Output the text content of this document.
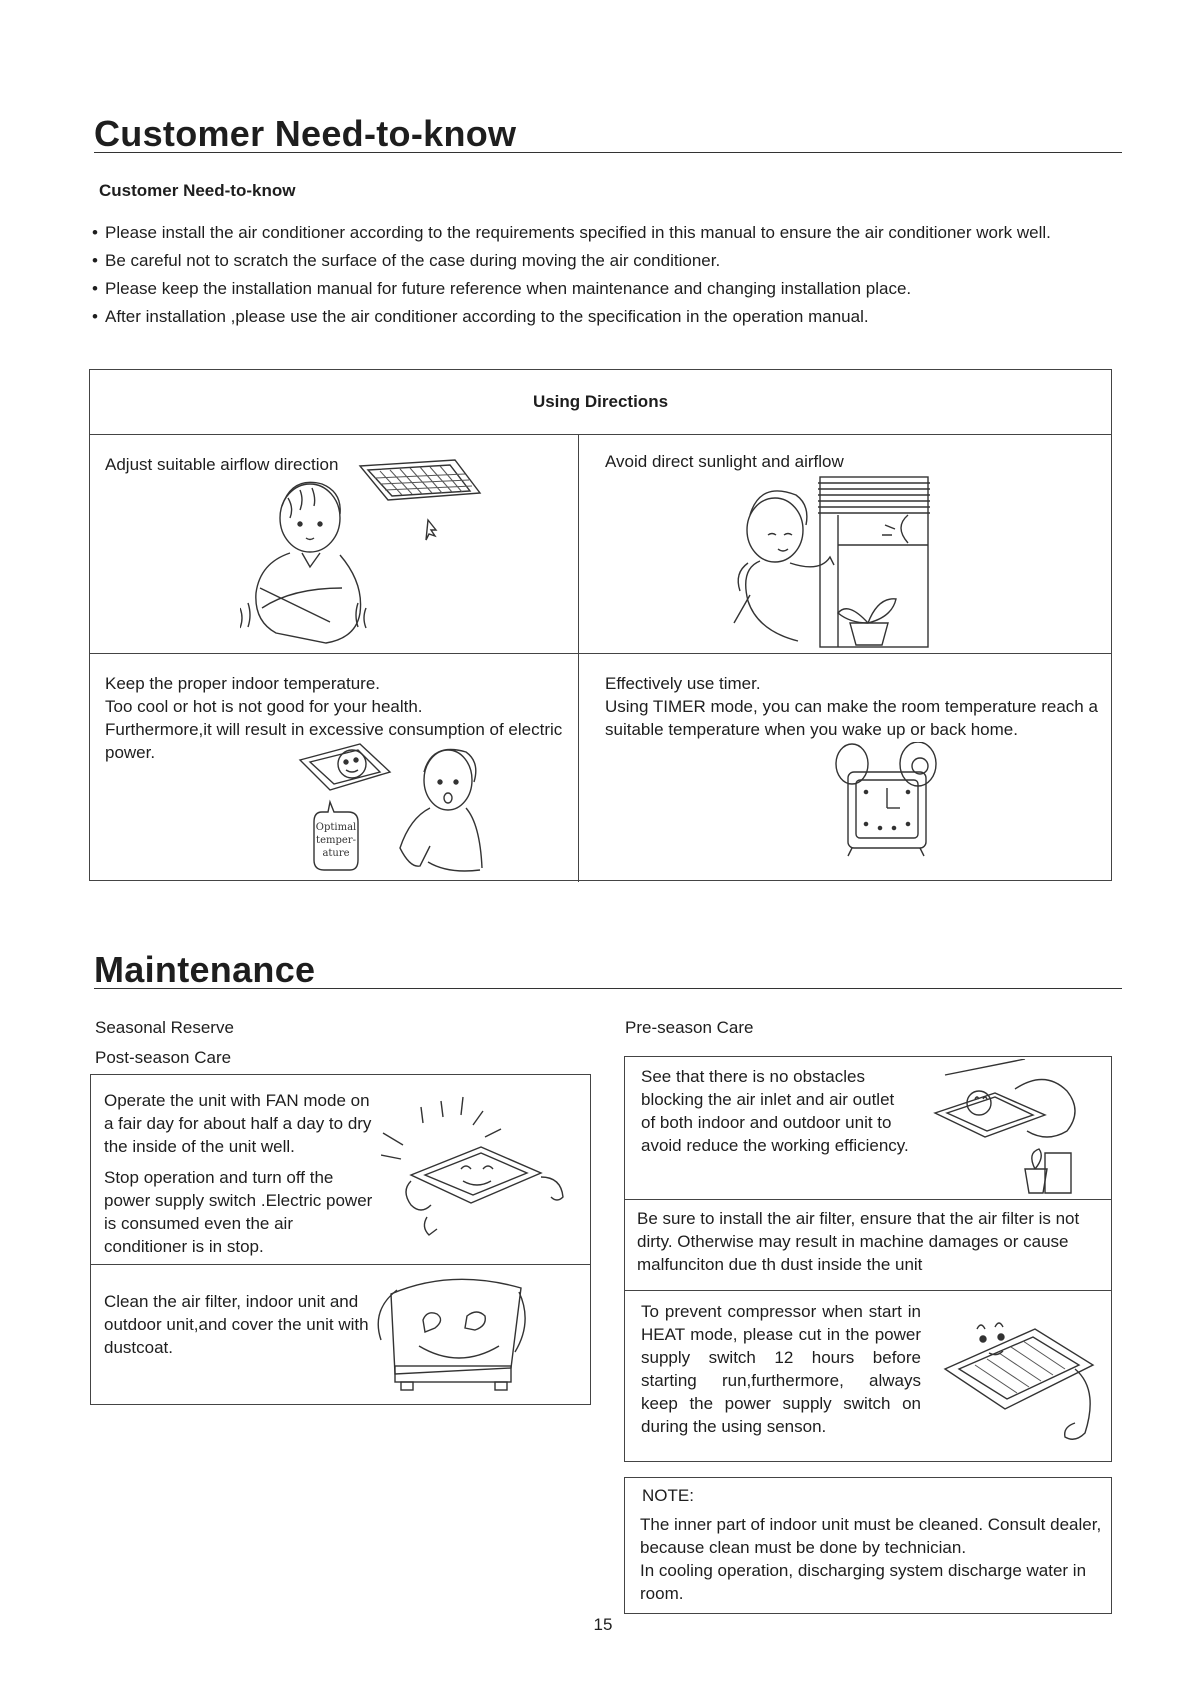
Customer Need-to-know
Customer Need-to-know
• Please install the air conditioner according to the requirements specified in this manual to ensure the air conditioner work well.
• Be careful not to scratch the surface of the case during moving the air conditioner.
• Please keep the installation manual for future reference when maintenance and changing installation place.
• After installation ,please use the air conditioner according to the specification in the operation manual.
Using Directions
Adjust suitable airflow direction	Avoid direct sunlight and airflow

Keep the proper indoor temperature.

Too cool or hot is not good for your health.

Furthermore,it will result in excessive consumption of electric power.

Optimal
temper-
ature

Effectively use timer.

Using TIMER mode, you can make the room temperature reach a suitable temperature when you wake up or back home.

Maintenance
Seasonal Reserve
Post-season Care
Pre-season Care
Operate the unit with FAN mode on a fair day for about half a day to dry the inside of the unit well.
Stop operation and turn off the power supply switch .Electric power is consumed even the air conditioner is in stop.
Clean the air filter, indoor unit and outdoor unit,and cover the unit with dustcoat.
See that there is no obstacles blocking the air inlet and air outlet of both indoor and outdoor unit to avoid reduce the working efficiency.
Be sure to install the air filter, ensure that the air filter is not dirty. Otherwise may result in machine damages or cause malfunciton due th dust inside the unit
To prevent compressor when start in HEAT mode, please cut in the power supply switch 12 hours before starting run,furthermore, always keep the power supply switch on during the using senson.
NOTE:

The inner part of indoor unit must be cleaned. Consult dealer, because clean must be done by technician.

In cooling operation, discharging system discharge water in room.

15
